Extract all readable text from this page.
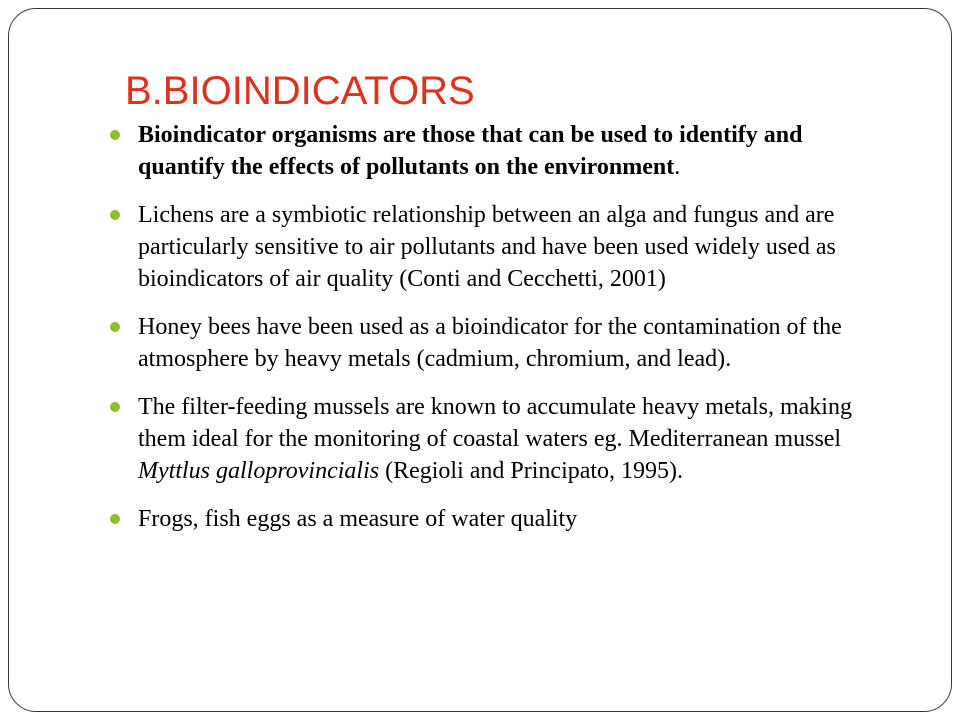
B.BIOINDICATORS
Bioindicator organisms are those that can be used to identify and quantify the effects of pollutants on the environment.
Lichens are a symbiotic relationship between an alga and fungus and are particularly sensitive to air pollutants and have been used widely used as bioindicators of air quality (Conti and Cecchetti, 2001)
Honey bees have been used as a bioindicator for the contamination of the atmosphere by heavy metals (cadmium, chromium, and lead).
The filter-feeding mussels are known to accumulate heavy metals, making them ideal for the monitoring of coastal waters eg. Mediterranean mussel Myttlus galloprovincialis (Regioli and Principato, 1995).
Frogs, fish eggs as a measure of water quality
